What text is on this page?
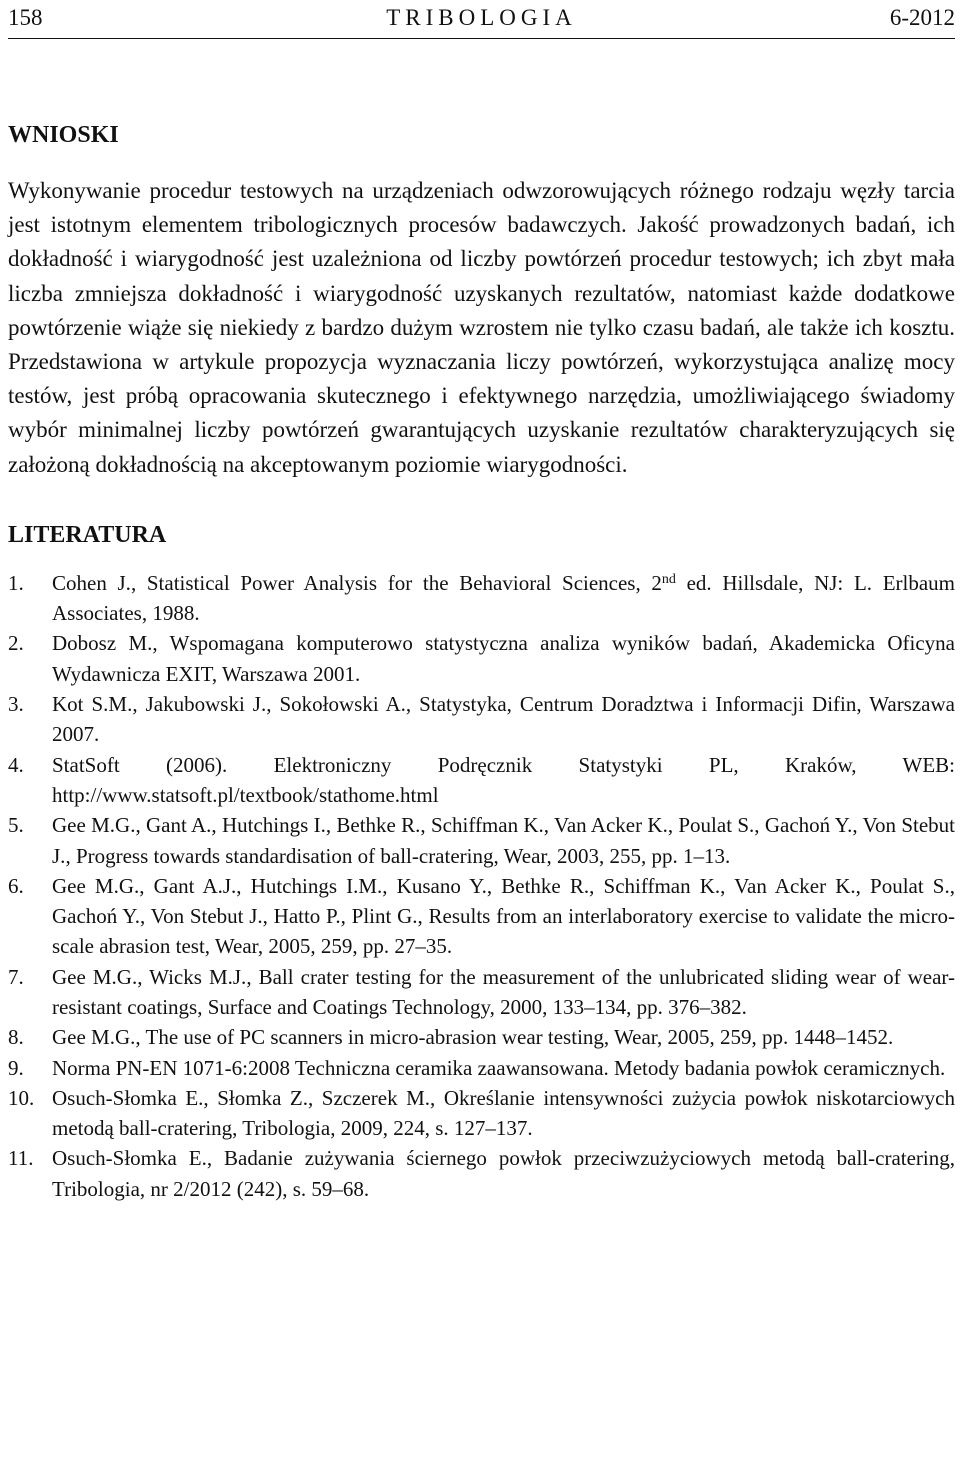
158	TRIBOLOGIA	6-2012
WNIOSKI

Wykonywanie procedur testowych na urządzeniach odwzorowujących różnego rodzaju węzły tarcia jest istotnym elementem tribologicznych procesów badawczych. Jakość prowadzonych badań, ich dokładność i wiarygodność jest uzależniona od liczby powtórzeń procedur testowych; ich zbyt mała liczba zmniejsza dokładność i wiarygodność uzyskanych rezultatów, natomiast każde dodatkowe powtórzenie wiąże się niekiedy z bardzo dużym wzrostem nie tylko czasu badań, ale także ich kosztu. Przedstawiona w artykule propozycja wyznaczania liczy powtórzeń, wykorzystująca analizę mocy testów, jest próbą opracowania skutecznego i efektywnego narzędzia, umożliwiającego świadomy wybór minimalnej liczby powtórzeń gwarantujących uzyskanie rezultatów charakteryzujących się założoną dokładnością na akceptowanym poziomie wiarygodności.

LITERATURA
1. Cohen J., Statistical Power Analysis for the Behavioral Sciences, 2nd ed. Hillsdale, NJ: L. Erlbaum Associates, 1988.
2. Dobosz M., Wspomagana komputerowo statystyczna analiza wyników badań, Akademicka Oficyna Wydawnicza EXIT, Warszawa 2001.
3. Kot S.M., Jakubowski J., Sokołowski A., Statystyka, Centrum Doradztwa i Informacji Difin, Warszawa 2007.
4. StatSoft (2006). Elektroniczny Podręcznik Statystyki PL, Kraków, WEB: http://www.statsoft.pl/textbook/stathome.html
5. Gee M.G., Gant A., Hutchings I., Bethke R., Schiffman K., Van Acker K., Poulat S., Gachoń Y., Von Stebut J., Progress towards standardisation of ball-cratering, Wear, 2003, 255, pp. 1–13.
6. Gee M.G., Gant A.J., Hutchings I.M., Kusano Y., Bethke R., Schiffman K., Van Acker K., Poulat S., Gachoń Y., Von Stebut J., Hatto P., Plint G., Results from an interlaboratory exercise to validate the micro-scale abrasion test, Wear, 2005, 259, pp. 27–35.
7. Gee M.G., Wicks M.J., Ball crater testing for the measurement of the unlubricated sliding wear of wear-resistant coatings, Surface and Coatings Technology, 2000, 133–134, pp. 376–382.
8. Gee M.G., The use of PC scanners in micro-abrasion wear testing, Wear, 2005, 259, pp. 1448–1452.
9. Norma PN-EN 1071-6:2008 Techniczna ceramika zaawansowana. Metody badania powłok ceramicznych.
10. Osuch-Słomka E., Słomka Z., Szczerek M., Określanie intensywności zużycia powłok niskotarciowych metodą ball-cratering, Tribologia, 2009, 224, s. 127–137.
11. Osuch-Słomka E., Badanie zużywania ściernego powłok przeciwzużyciowych metodą ball-cratering, Tribologia, nr 2/2012 (242), s. 59–68.
